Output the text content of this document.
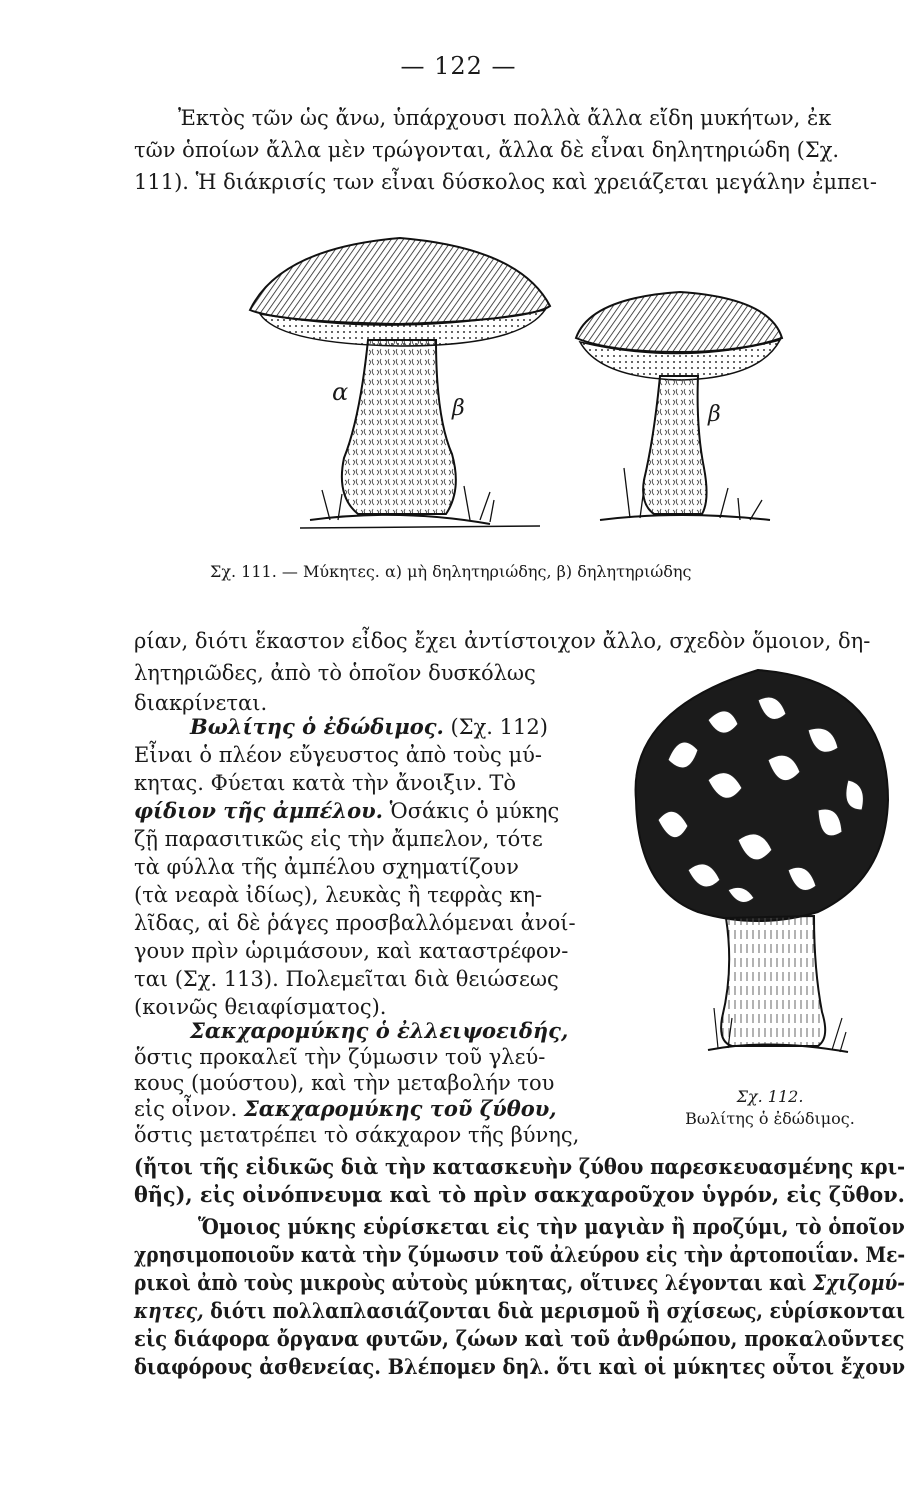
— 122 —
Ἐκτὸς τῶν ὡς ἄνω, ὑπάρχουσι πολλὰ ἄλλα εἴδη μυκήτων, ἐκ
τῶν ὁποίων ἄλλα μὲν τρώγονται, ἄλλα δὲ εἶναι δηλητηριώδη (Σχ.
111). Ἡ διάκρισίς των εἶναι δύσκολος καὶ χρειάζεται μεγάλην ἐμπει-
α
β	β
Σχ. 111. — Μύκητες. α) μὴ δηλητηριώδης, β) δηλητηριώδης
ρίαν, διότι ἕκαστον εἶδος ἔχει ἀντίστοιχον ἄλλο, σχεδὸν ὅμοιον, δη-
λητηριῶδες, ἀπὸ τὸ ὁποῖον δυσκόλως
διακρίνεται.
Βωλίτης ὁ ἐδώδιμος. (Σχ. 112)
Εἶναι ὁ πλέον εὔγευστος ἀπὸ τοὺς μύ-
κητας. Φύεται κατὰ τὴν ἄνοιξιν. Τὸ
φίδιον τῆς ἀμπέλου. Ὁσάκις ὁ μύκης
ζῇ παρασιτικῶς εἰς τὴν ἄμπελον, τότε
τὰ φύλλα τῆς ἀμπέλου σχηματίζουν
(τὰ νεαρὰ ἰδίως), λευκὰς ἢ τεφρὰς κη-
λῖδας, αἱ δὲ ῥάγες προσβαλλόμεναι ἀνοί-
γουν πρὶν ὡριμάσουν, καὶ καταστρέφον-
ται (Σχ. 113). Πολεμεῖται διὰ θειώσεως
(κοινῶς θειαφίσματος).
Σακχαρομύκης ὁ ἐλλειψοειδής,
ὅστις προκαλεῖ τὴν ζύμωσιν τοῦ γλεύ-
κους (μούστου), καὶ τὴν μεταβολήν του
εἰς οἶνον. Σακχαρομύκης τοῦ ζύθου,
ὅστις μετατρέπει τὸ σάκχαρον τῆς βύνης,
Σχ. 112.
Βωλίτης ὁ ἐδώδιμος.
(ἤτοι τῆς εἰδικῶς διὰ τὴν κατασκευὴν ζύθου παρεσκευασμένης κρι-
θῆς), εἰς οἰνόπνευμα καὶ τὸ πρὶν σακχαροῦχον ὑγρόν, εἰς ζῦθον.
Ὅμοιος μύκης εὑρίσκεται εἰς τὴν μαγιὰν ἢ προζύμι, τὸ ὁποῖον
χρησιμοποιοῦν κατὰ τὴν ζύμωσιν τοῦ ἀλεύρου εἰς τὴν ἀρτοποιΐαν. Με-
ρικοὶ ἀπὸ τοὺς μικροὺς αὐτοὺς μύκητας, οἵτινες λέγονται καὶ Σχιζομύ-
κητες, διότι πολλαπλασιάζονται διὰ μερισμοῦ ἢ σχίσεως, εὑρίσκονται
εἰς διάφορα ὄργανα φυτῶν, ζώων καὶ τοῦ ἀνθρώπου, προκαλοῦντες
διαφόρους ἀσθενείας. Βλέπομεν δηλ. ὅτι καὶ οἱ μύκητες οὗτοι ἔχουν
